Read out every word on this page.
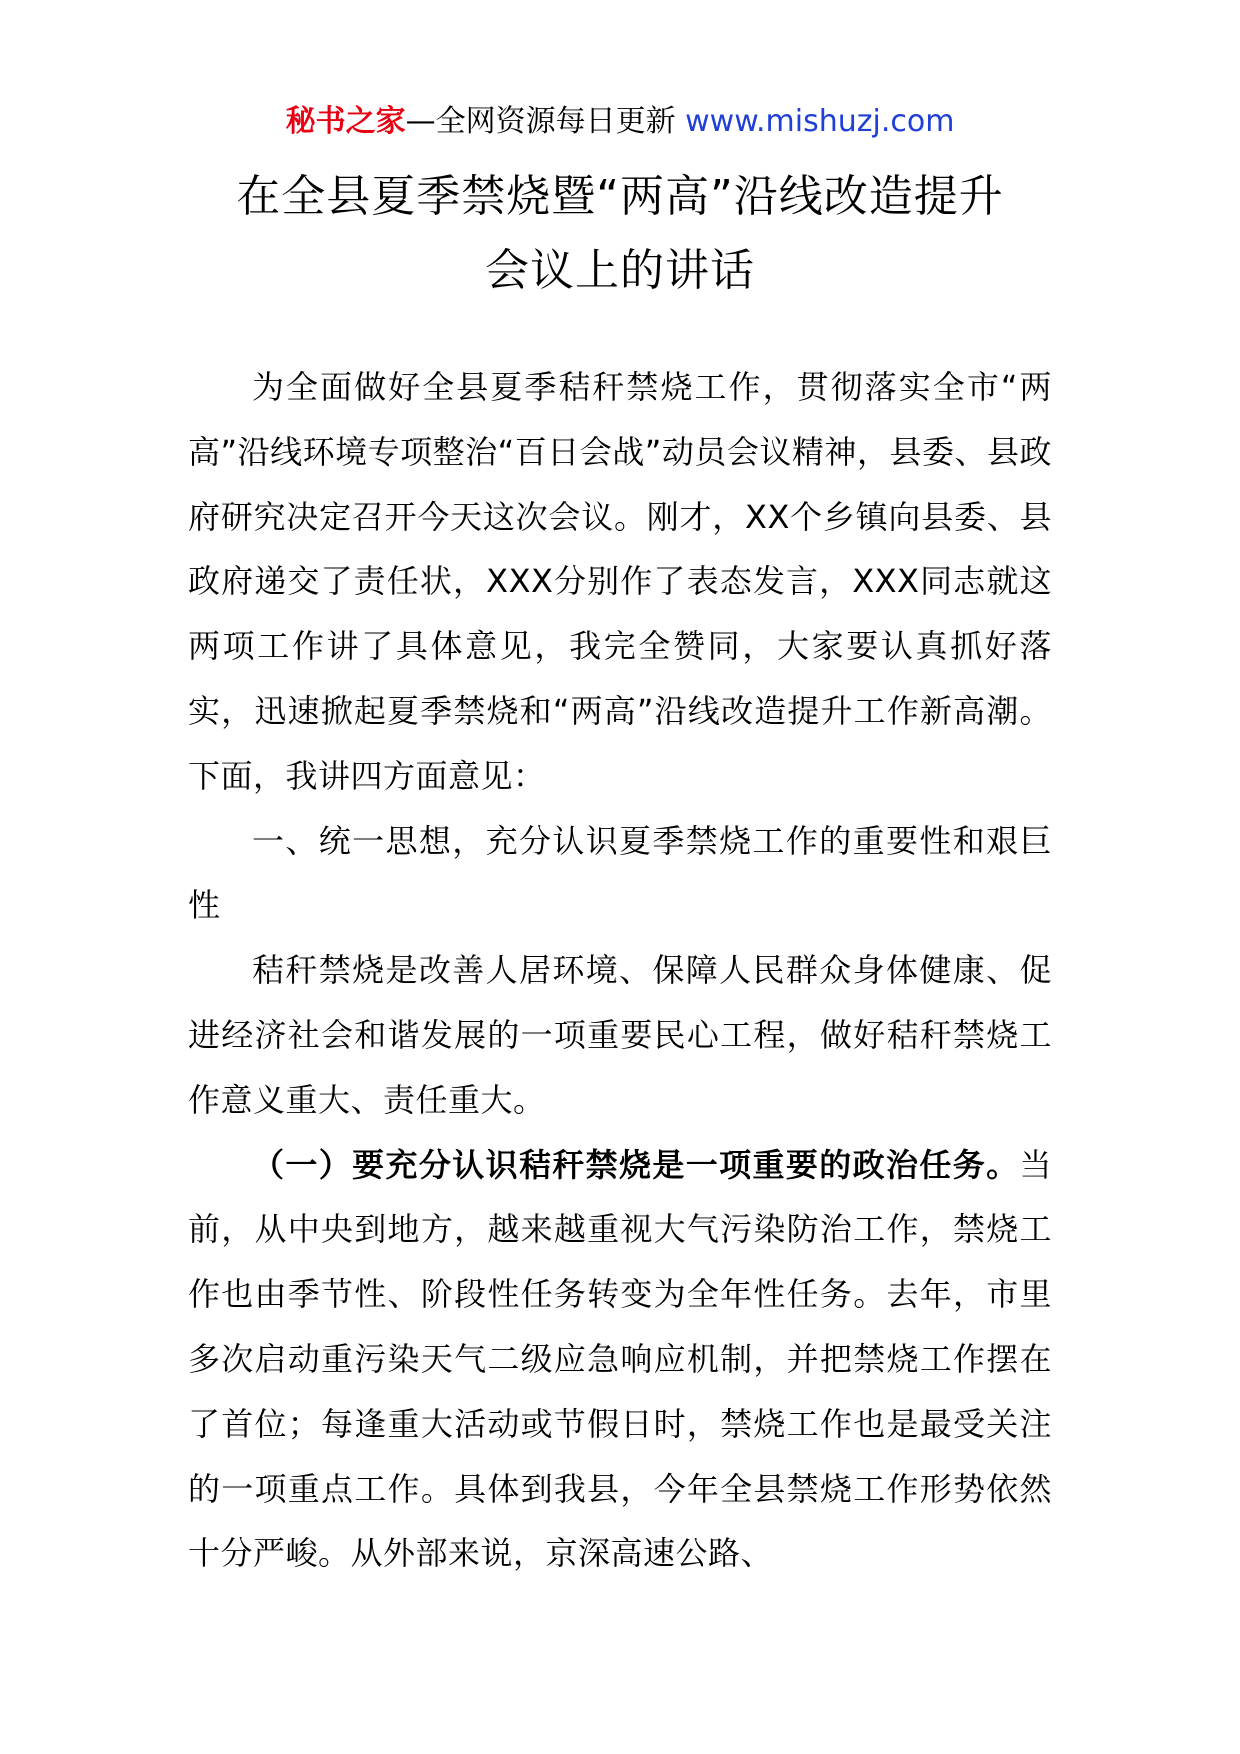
秘书之家—全网资源每日更新 www.mishuzj.com
在全县夏季禁烧暨“两高”沿线改造提升
会议上的讲话

为全面做好全县夏季秸秆禁烧工作，贯彻落实全市“两高”沿线环境专项整治“百日会战”动员会议精神，县委、县政府研究决定召开今天这次会议。刚才，XX个乡镇向县委、县政府递交了责任状，XXX分别作了表态发言，XXX同志就这两项工作讲了具体意见，我完全赞同，大家要认真抓好落实，迅速掀起夏季禁烧和“两高”沿线改造提升工作新高潮。下面，我讲四方面意见：

一、统一思想，充分认识夏季禁烧工作的重要性和艰巨性

秸秆禁烧是改善人居环境、保障人民群众身体健康、促进经济社会和谐发展的一项重要民心工程，做好秸秆禁烧工作意义重大、责任重大。

（一）要充分认识秸秆禁烧是一项重要的政治任务。当前，从中央到地方，越来越重视大气污染防治工作，禁烧工作也由季节性、阶段性任务转变为全年性任务。去年，市里多次启动重污染天气二级应急响应机制，并把禁烧工作摆在了首位；每逢重大活动或节假日时，禁烧工作也是最受关注的一项重点工作。具体到我县，今年全县禁烧工作形势依然十分严峻。从外部来说，京深高速公路、
